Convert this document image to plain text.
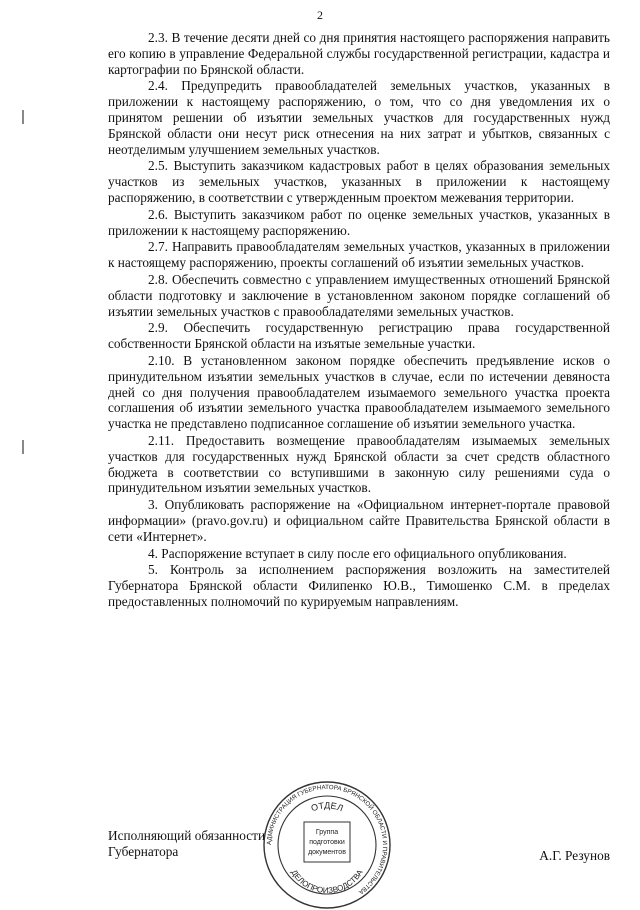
2

2.3. В течение десяти дней со дня принятия настоящего распоряжения направить его копию в управление Федеральной службы государственной регистрации, кадастра и картографии по Брянской области.

2.4. Предупредить правообладателей земельных участков, указанных в приложении к настоящему распоряжению, о том, что со дня уведомления их о принятом решении об изъятии земельных участков для государственных нужд Брянской области они несут риск отнесения на них затрат и убытков, связанных с неотделимым улучшением земельных участков.

2.5. Выступить заказчиком кадастровых работ в целях образования земельных участков из земельных участков, указанных в приложении к настоящему распоряжению, в соответствии с утвержденным проектом межевания территории.

2.6. Выступить заказчиком работ по оценке земельных участков, указанных в приложении к настоящему распоряжению.

2.7. Направить правообладателям земельных участков, указанных в приложении к настоящему распоряжению, проекты соглашений об изъятии земельных участков.

2.8. Обеспечить совместно с управлением имущественных отношений Брянской области подготовку и заключение в установленном законом порядке соглашений об изъятии земельных участков с правообладателями земельных участков.

2.9. Обеспечить государственную регистрацию права государственной собственности Брянской области на изъятые земельные участки.

2.10. В установленном законом порядке обеспечить предъявление исков о принудительном изъятии земельных участков в случае, если по истечении девяноста дней со дня получения правообладателем изымаемого земельного участка проекта соглашения об изъятии земельного участка правообладателем изымаемого земельного участка не представлено подписанное соглашение об изъятии земельного участка.

2.11. Предоставить возмещение правообладателям изымаемых земельных участков для государственных нужд Брянской области за счет средств областного бюджета в соответствии со вступившими в законную силу решениями суда о принудительном изъятии земельных участков.

3. Опубликовать распоряжение на «Официальном интернет-портале правовой информации» (pravo.gov.ru) и официальном сайте Правительства Брянской области в сети «Интернет».

4. Распоряжение вступает в силу после его официального опубликования.

5. Контроль за исполнением распоряжения возложить на заместителей Губернатора Брянской области Филипенко Ю.В., Тимошенко С.М. в пределах предоставленных полномочий по курируемым направлениям.

Исполняющий обязанности
Губернатора
АДМИНИСТРАЦИЯ ГУБЕРНАТОРА БРЯНСКОЙ ОБЛАСТИ И ПРАВИТЕЛЬСТВА
ОТДЕЛ
ДЕЛОПРОИЗВОДСТВА
Группа
подготовки
документов	А.Г. Резунов
